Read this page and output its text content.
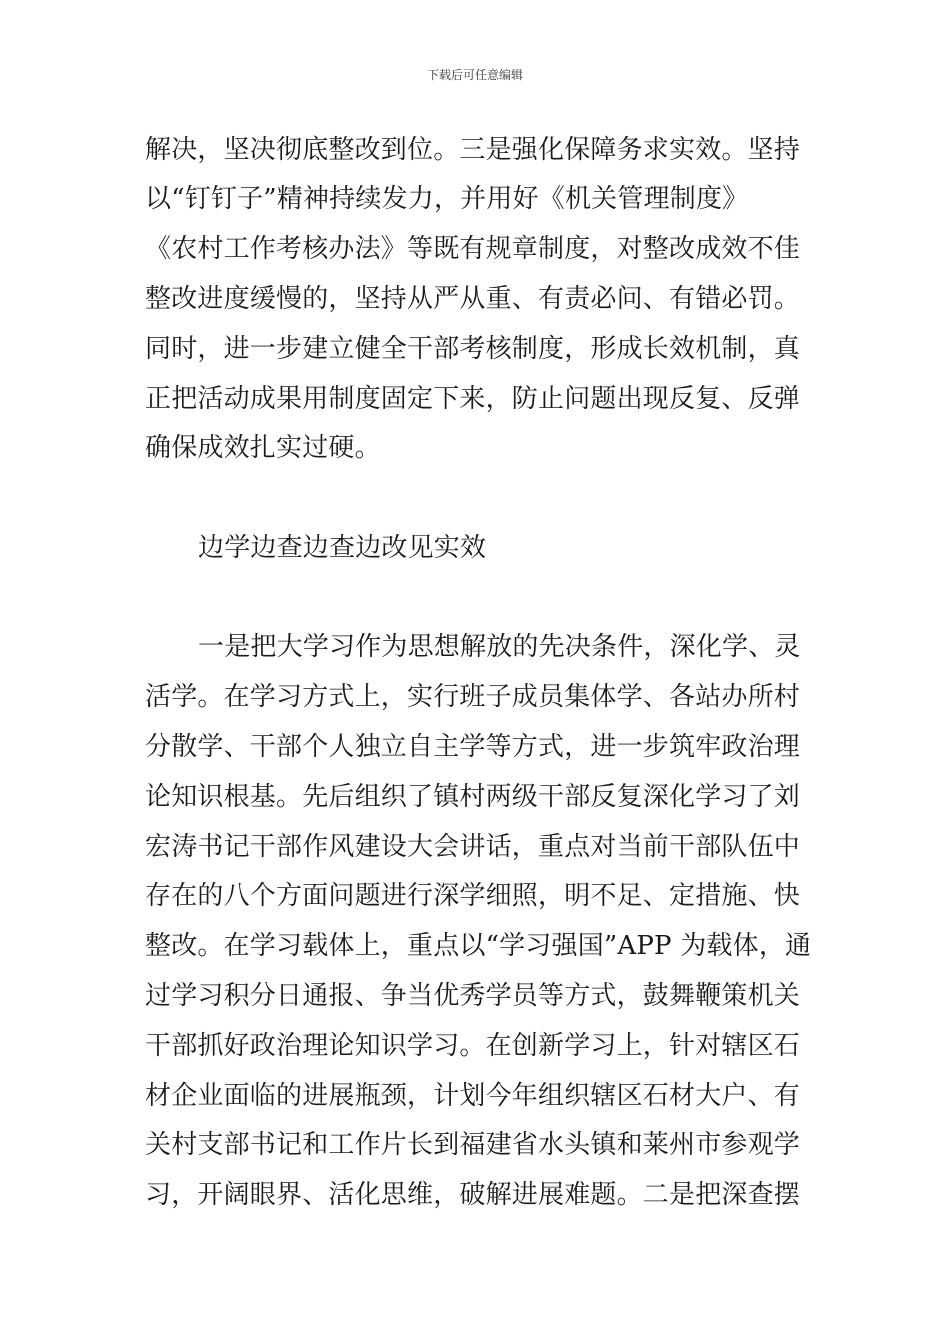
下载后可任意编辑
解决，坚决彻底整改到位。三是强化保障务求实效。坚持
以“钉钉子”精神持续发力，并用好《机关管理制度》
《农村工作考核办法》等既有规章制度，对整改成效不佳
整改进度缓慢的，坚持从严从重、有责必问、有错必罚。
同时，进一步建立健全干部考核制度，形成长效机制，真
正把活动成果用制度固定下来，防止问题出现反复、反弹
确保成效扎实过硬。
边学边查边查边改见实效
一是把大学习作为思想解放的先决条件，深化学、灵
活学。在学习方式上，实行班子成员集体学、各站办所村
分散学、干部个人独立自主学等方式，进一步筑牢政治理
论知识根基。先后组织了镇村两级干部反复深化学习了刘
宏涛书记干部作风建设大会讲话，重点对当前干部队伍中
存在的八个方面问题进行深学细照，明不足、定措施、快
整改。在学习载体上，重点以“学习强国”APP 为载体，通
过学习积分日通报、争当优秀学员等方式，鼓舞鞭策机关
干部抓好政治理论知识学习。在创新学习上，针对辖区石
材企业面临的进展瓶颈，计划今年组织辖区石材大户、有
关村支部书记和工作片长到福建省水头镇和莱州市参观学
习，开阔眼界、活化思维，破解进展难题。二是把深查摆
